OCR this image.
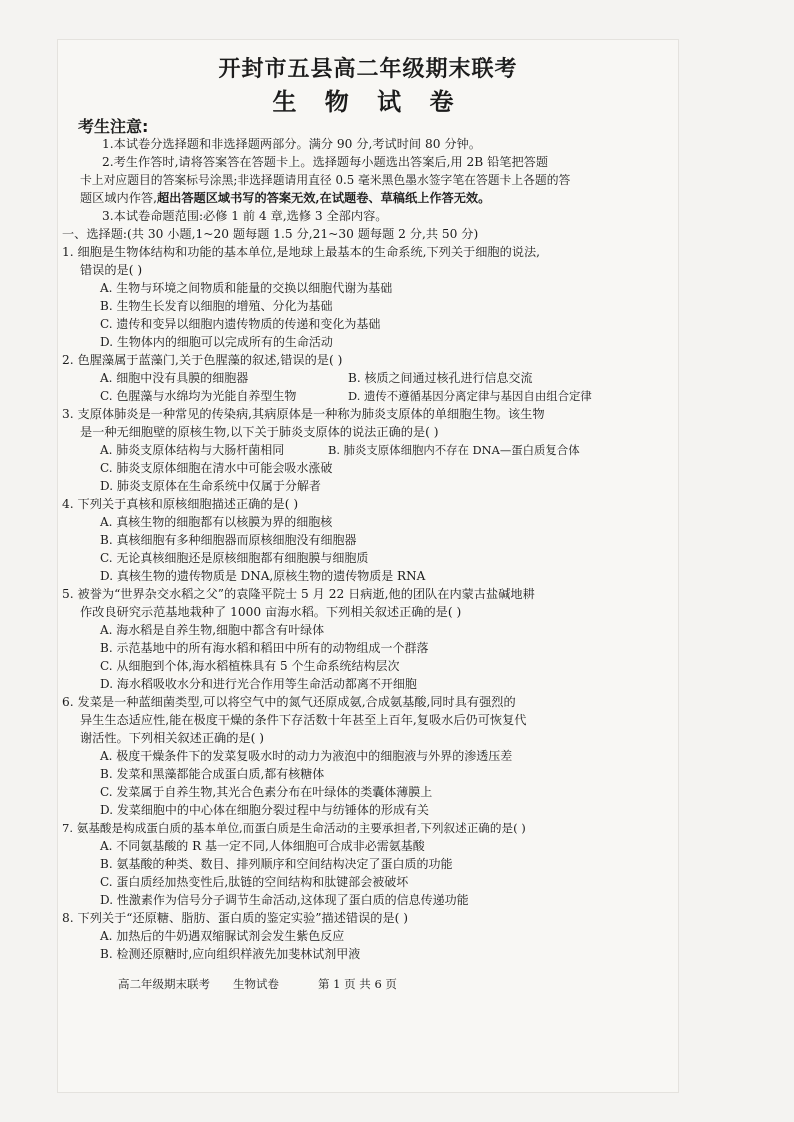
开封市五县高二年级期末联考
生 物 试 卷
考生注意:
1.本试卷分选择题和非选择题两部分。满分 90 分,考试时间 80 分钟。
2.考生作答时,请将答案答在答题卡上。选择题每小题选出答案后,用 2B 铅笔把答题
卡上对应题目的答案标号涂黑;非选择题请用直径 0.5 毫米黑色墨水签字笔在答题卡上各题的答
题区域内作答,超出答题区域书写的答案无效,在试题卷、草稿纸上作答无效。
3.本试卷命题范围:必修 1 前 4 章,选修 3 全部内容。
一、选择题:(共 30 小题,1~20 题每题 1.5 分,21~30 题每题 2 分,共 50 分)
1. 细胞是生物体结构和功能的基本单位,是地球上最基本的生命系统,下列关于细胞的说法,
错误的是( )
A. 生物与环境之间物质和能量的交换以细胞代谢为基础
B. 生物生长发育以细胞的增殖、分化为基础
C. 遗传和变异以细胞内遗传物质的传递和变化为基础
D. 生物体内的细胞可以完成所有的生命活动
2. 色腥藻属于蓝藻门,关于色腥藻的叙述,错误的是( )
A. 细胞中没有具膜的细胞器	B. 核质之间通过核孔进行信息交流
C. 色腥藻与水绵均为光能自养型生物	D. 遗传不遵循基因分离定律与基因自由组合定律
3. 支原体肺炎是一种常见的传染病,其病原体是一种称为肺炎支原体的单细胞生物。该生物
是一种无细胞壁的原核生物,以下关于肺炎支原体的说法正确的是( )
A. 肺炎支原体结构与大肠杆菌相同	B. 肺炎支原体细胞内不存在 DNA—蛋白质复合体
C. 肺炎支原体细胞在清水中可能会吸水涨破
D. 肺炎支原体在生命系统中仅属于分解者
4. 下列关于真核和原核细胞描述正确的是( )
A. 真核生物的细胞都有以核膜为界的细胞核
B. 真核细胞有多种细胞器而原核细胞没有细胞器
C. 无论真核细胞还是原核细胞都有细胞膜与细胞质
D. 真核生物的遗传物质是 DNA,原核生物的遗传物质是 RNA
5. 被誉为“世界杂交水稻之父”的袁隆平院士 5 月 22 日病逝,他的团队在内蒙古盐碱地耕
作改良研究示范基地栽种了 1000 亩海水稻。下列相关叙述正确的是( )
A. 海水稻是自养生物,细胞中都含有叶绿体
B. 示范基地中的所有海水稻和稻田中所有的动物组成一个群落
C. 从细胞到个体,海水稻植株具有 5 个生命系统结构层次
D. 海水稻吸收水分和进行光合作用等生命活动都离不开细胞
6. 发菜是一种蓝细菌类型,可以将空气中的氮气还原成氨,合成氨基酸,同时具有强烈的
异生生态适应性,能在极度干燥的条件下存活数十年甚至上百年,复吸水后仍可恢复代
谢活性。下列相关叙述正确的是( )
A. 极度干燥条件下的发菜复吸水时的动力为液泡中的细胞液与外界的渗透压差
B. 发菜和黑藻都能合成蛋白质,都有核糖体
C. 发菜属于自养生物,其光合色素分布在叶绿体的类囊体薄膜上
D. 发菜细胞中的中心体在细胞分裂过程中与纺锤体的形成有关
7. 氨基酸是构成蛋白质的基本单位,而蛋白质是生命活动的主要承担者,下列叙述正确的是( )
A. 不同氨基酸的 R 基一定不同,人体细胞可合成非必需氨基酸
B. 氨基酸的种类、数目、排列顺序和空间结构决定了蛋白质的功能
C. 蛋白质经加热变性后,肽链的空间结构和肽键部会被破坏
D. 性激素作为信号分子调节生命活动,这体现了蛋白质的信息传递功能
8. 下列关于“还原糖、脂肪、蛋白质的鉴定实验”描述错误的是( )
A. 加热后的牛奶遇双缩脲试剂会发生紫色反应
B. 检测还原糖时,应向组织样液先加斐林试剂甲液
高二年级期末联考 生物试卷	第 1 页 共 6 页
